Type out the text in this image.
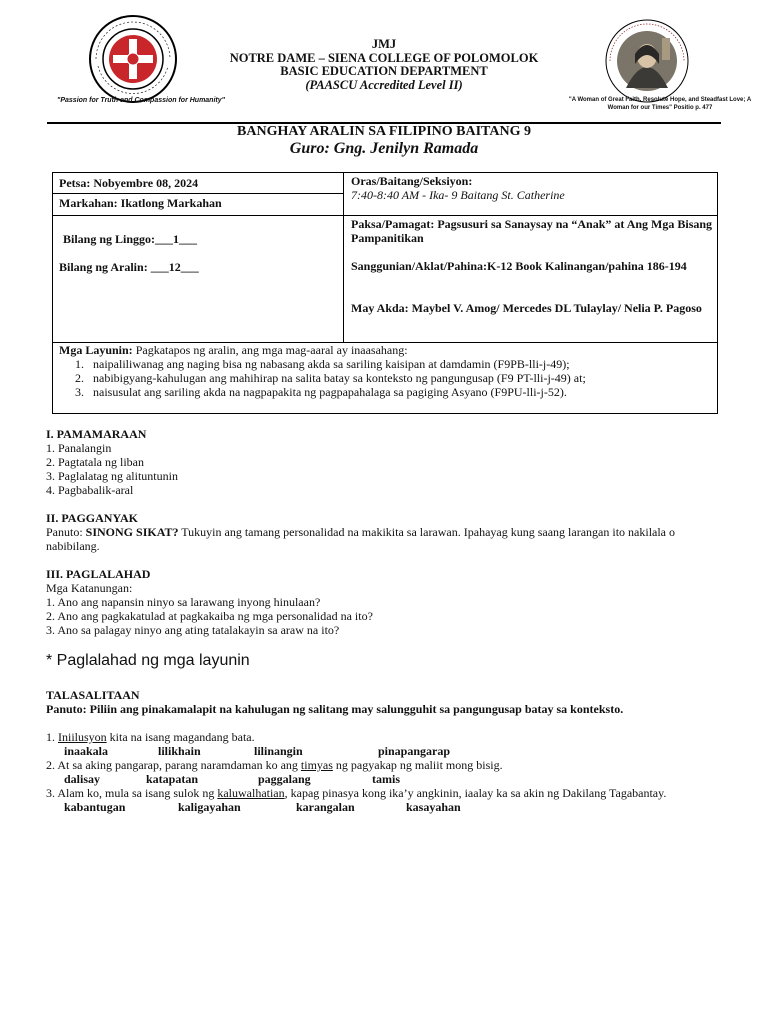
"Passion for Truth and Compassion for Humanity"
JMJ
NOTRE DAME – SIENA COLLEGE OF POLOMOLOK
BASIC EDUCATION DEPARTMENT
(PAASCU Accredited Level II)
"A Woman of Great Faith, Resolute Hope, and Steadfast Love; A Woman for our Times" Positio p. 477
BANGHAY ARALIN SA FILIPINO BAITANG 9
Guro: Gng. Jenilyn Ramada
Petsa: Nobyembre 08, 2024
Markahan: Ikatlong Markahan
Oras/Baitang/Seksiyon:
7:40-8:40 AM - Ika- 9 Baitang St. Catherine
Bilang ng Linggo:___1___
Bilang ng Aralin: ___12___
Paksa/Pamagat: Pagsusuri sa Sanaysay na “Anak” at Ang Mga Bisang Pampanitikan
Sanggunian/Aklat/Pahina:K-12 Book Kalinangan/pahina 186-194
May Akda: Maybel V. Amog/ Mercedes DL Tulaylay/ Nelia P. Pagoso
Mga Layunin: Pagkatapos ng aralin, ang mga mag-aaral ay inaasahang:
1. naipaliliwanag ang naging bisa ng nabasang akda sa sariling kaisipan at damdamin (F9PB-lli-j-49);
2. nabibigyang-kahulugan ang mahihirap na salita batay sa konteksto ng pangungusap (F9 PT-lli-j-49) at;
3. naisusulat ang sariling akda na nagpapakita ng pagpapahalaga sa pagiging Asyano (F9PU-lli-j-52).
I. PAMAMARAAN

1. Panalangin

2. Pagtatala ng liban

3. Paglalatag ng alituntunin

4. Pagbabalik-aral

II. PAGGANYAK

Panuto: SINONG SIKAT? Tukuyin ang tamang personalidad na makikita sa larawan. Ipahayag kung saang larangan ito nakilala o nabibilang.

III. PAGLALAHAD

Mga Katanungan:

1. Ano ang napansin ninyo sa larawang inyong hinulaan?

2. Ano ang pagkakatulad at pagkakaiba ng mga personalidad na ito?

3. Ano sa palagay ninyo ang ating tatalakayin sa araw na ito?

* Paglalahad ng mga layunin
TALASALITAAN

Panuto: Piliin ang pinakamalapit na kahulugan ng salitang may salungguhit sa pangungusap batay sa konteksto.

1. Iniilusyon kita na isang magandang bata.

inaakala	lilikhain	lilinangin	pinapangarap

2. At sa aking pangarap, parang naramdaman ko ang timyas ng pagyakap ng maliit mong bisig.

dalisay	katapatan	paggalang	tamis

3. Alam ko, mula sa isang sulok ng kaluwalhatian, kapag pinasya kong ika’y angkinin, iaalay ka sa akin ng Dakilang Tagabantay.

kabantugan	kaligayahan	karangalan	kasayahan
